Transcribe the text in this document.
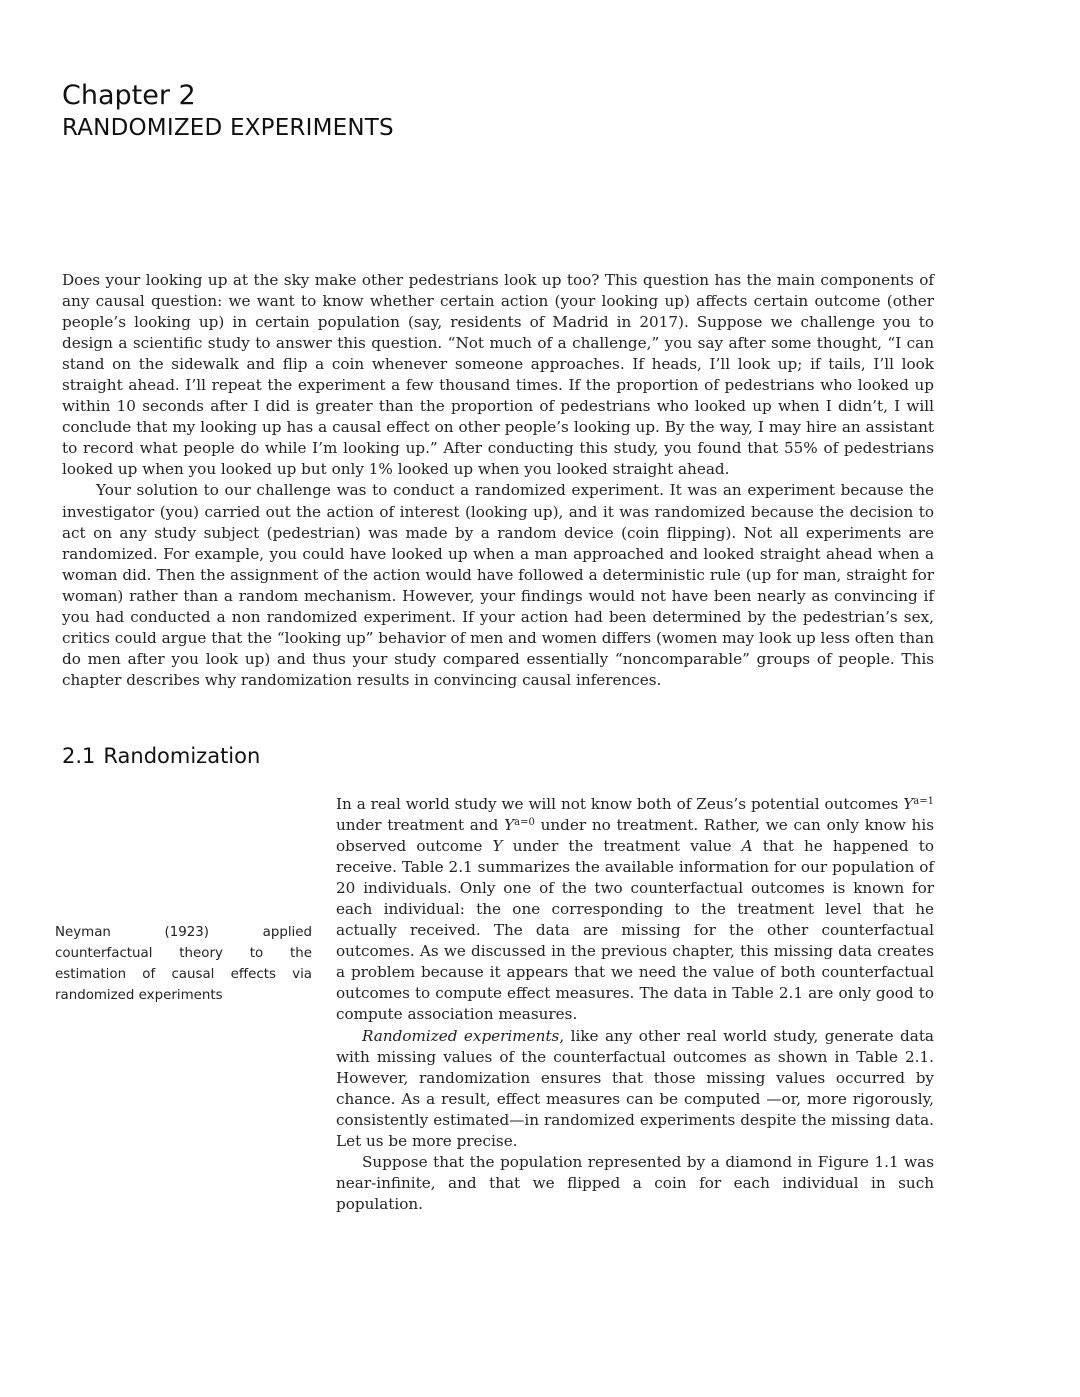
Chapter 2
RANDOMIZED EXPERIMENTS

Does your looking up at the sky make other pedestrians look up too? This question has the main components of any causal question: we want to know whether certain action (your looking up) affects certain outcome (other people’s looking up) in certain population (say, residents of Madrid in 2017). Suppose we challenge you to design a scientific study to answer this question. “Not much of a challenge,” you say after some thought, “I can stand on the sidewalk and flip a coin whenever someone approaches. If heads, I’ll look up; if tails, I’ll look straight ahead. I’ll repeat the experiment a few thousand times. If the proportion of pedestrians who looked up within 10 seconds after I did is greater than the proportion of pedestrians who looked up when I didn’t, I will conclude that my looking up has a causal effect on other people’s looking up. By the way, I may hire an assistant to record what people do while I’m looking up.” After conducting this study, you found that 55% of pedestrians looked up when you looked up but only 1% looked up when you looked straight ahead.

Your solution to our challenge was to conduct a randomized experiment. It was an experiment because the investigator (you) carried out the action of interest (looking up), and it was randomized because the decision to act on any study subject (pedestrian) was made by a random device (coin flipping). Not all experiments are randomized. For example, you could have looked up when a man approached and looked straight ahead when a woman did. Then the assignment of the action would have followed a deterministic rule (up for man, straight for woman) rather than a random mechanism. However, your findings would not have been nearly as convincing if you had conducted a non randomized experiment. If your action had been determined by the pedestrian’s sex, critics could argue that the “looking up” behavior of men and women differs (women may look up less often than do men after you look up) and thus your study compared essentially “noncomparable” groups of people. This chapter describes why randomization results in convincing causal inferences.

2.1 Randomization
Neyman (1923) applied counterfactual theory to the estimation of causal effects via randomized experiments

In a real world study we will not know both of Zeus’s potential outcomes $Y^{a=1}$ under treatment and $Y^{a=0}$ under no treatment. Rather, we can only know his observed outcome Y under the treatment value A that he happened to receive. Table 2.1 summarizes the available information for our population of 20 individuals. Only one of the two counterfactual outcomes is known for each individual: the one corresponding to the treatment level that he actually received. The data are missing for the other counterfactual outcomes. As we discussed in the previous chapter, this missing data creates a problem because it appears that we need the value of both counterfactual outcomes to compute effect measures. The data in Table 2.1 are only good to compute association measures.

Randomized experiments, like any other real world study, generate data with missing values of the counterfactual outcomes as shown in Table 2.1. However, randomization ensures that those missing values occurred by chance. As a result, effect measures can be computed —or, more rigorously, consistently estimated—in randomized experiments despite the missing data. Let us be more precise.

Suppose that the population represented by a diamond in Figure 1.1 was near-infinite, and that we flipped a coin for each individual in such population.
